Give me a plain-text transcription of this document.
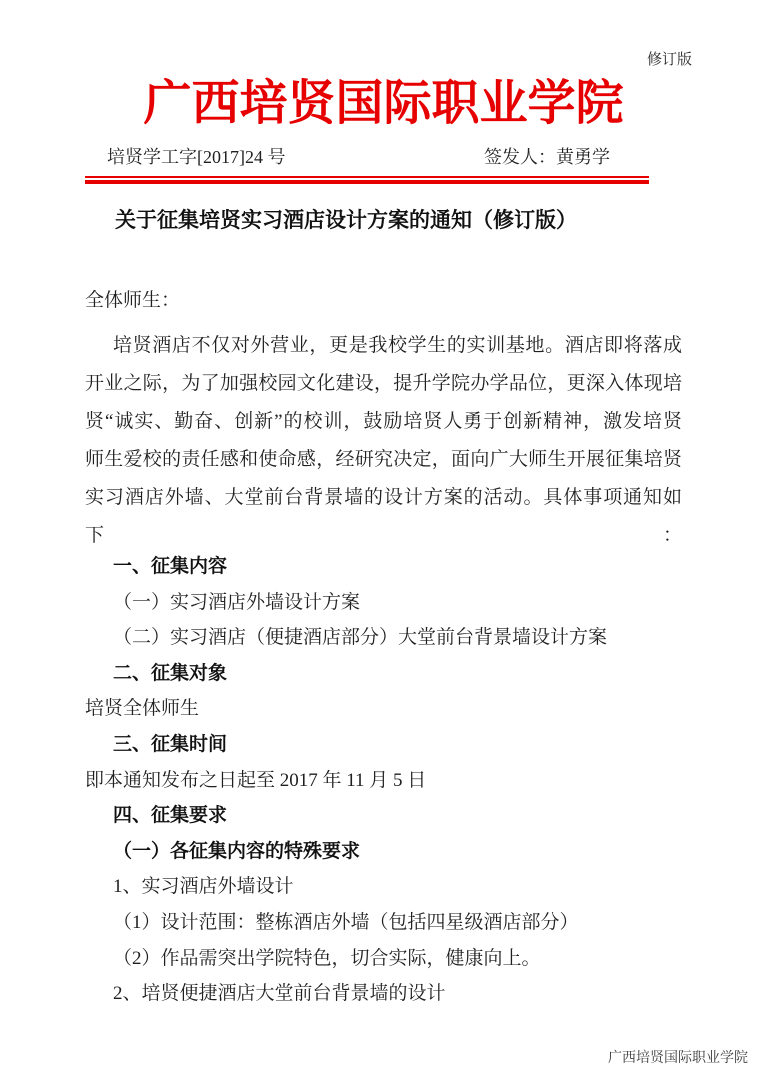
修订版
广西培贤国际职业学院
培贤学工字[2017]24 号	签发人：黄勇学
关于征集培贤实习酒店设计方案的通知（修订版）
全体师生：
培贤酒店不仅对外营业，更是我校学生的实训基地。酒店即将落成
开业之际，为了加强校园文化建设，提升学院办学品位，更深入体现培
贤“诚实、勤奋、创新”的校训，鼓励培贤人勇于创新精神，激发培贤
师生爱校的责任感和使命感，经研究决定，面向广大师生开展征集培贤
实习酒店外墙、大堂前台背景墙的设计方案的活动。具体事项通知如下：
一、征集内容
（一）实习酒店外墙设计方案
（二）实习酒店（便捷酒店部分）大堂前台背景墙设计方案
二、征集对象
培贤全体师生
三、征集时间
即本通知发布之日起至 2017 年 11 月 5 日
四、征集要求
（一）各征集内容的特殊要求
1、实习酒店外墙设计
（1）设计范围：整栋酒店外墙（包括四星级酒店部分）
（2）作品需突出学院特色，切合实际，健康向上。
2、培贤便捷酒店大堂前台背景墙的设计
广西培贤国际职业学院
